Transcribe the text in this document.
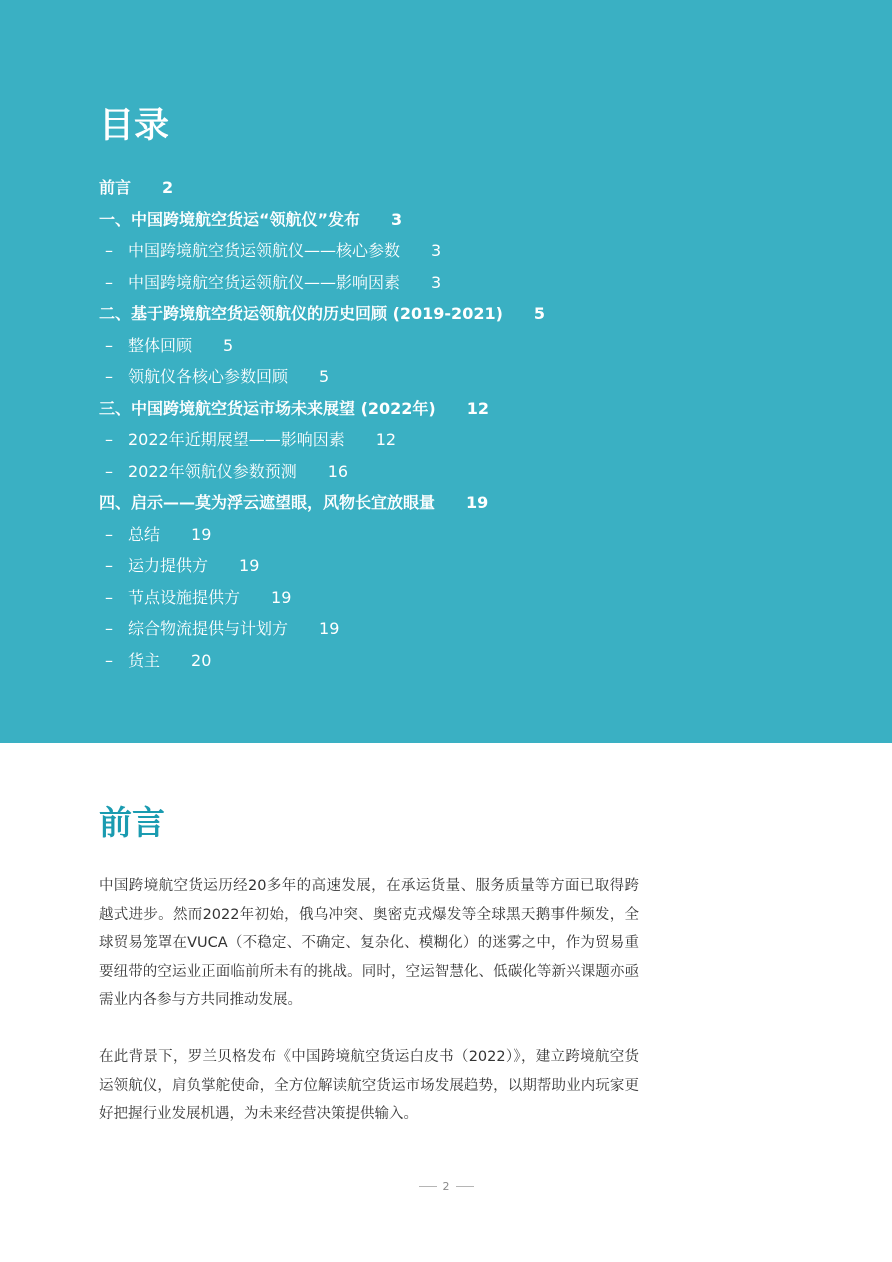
目录
前言 2
一、中国跨境航空货运“领航仪”发布 3
– 中国跨境航空货运领航仪——核心参数 3
– 中国跨境航空货运领航仪——影响因素 3
二、基于跨境航空货运领航仪的历史回顾 (2019-2021) 5
– 整体回顾 5
– 领航仪各核心参数回顾 5
三、中国跨境航空货运市场未来展望 (2022年) 12
– 2022年近期展望——影响因素 12
– 2022年领航仪参数预测 16
四、启示——莫为浮云遮望眼，风物长宜放眼量 19
– 总结 19
– 运力提供方 19
– 节点设施提供方 19
– 综合物流提供与计划方 19
– 货主 20
前言

中国跨境航空货运历经20多年的高速发展，在承运货量、服务质量等方面已取得跨越式进步。然而2022年初始，俄乌冲突、奥密克戎爆发等全球黑天鹅事件频发，全球贸易笼罩在VUCA（不稳定、不确定、复杂化、模糊化）的迷雾之中，作为贸易重要纽带的空运业正面临前所未有的挑战。同时，空运智慧化、低碳化等新兴课题亦亟需业内各参与方共同推动发展。

在此背景下，罗兰贝格发布《中国跨境航空货运白皮书（2022）》，建立跨境航空货运领航仪，肩负掌舵使命，全方位解读航空货运市场发展趋势，以期帮助业内玩家更好把握行业发展机遇，为未来经营决策提供输入。

2
